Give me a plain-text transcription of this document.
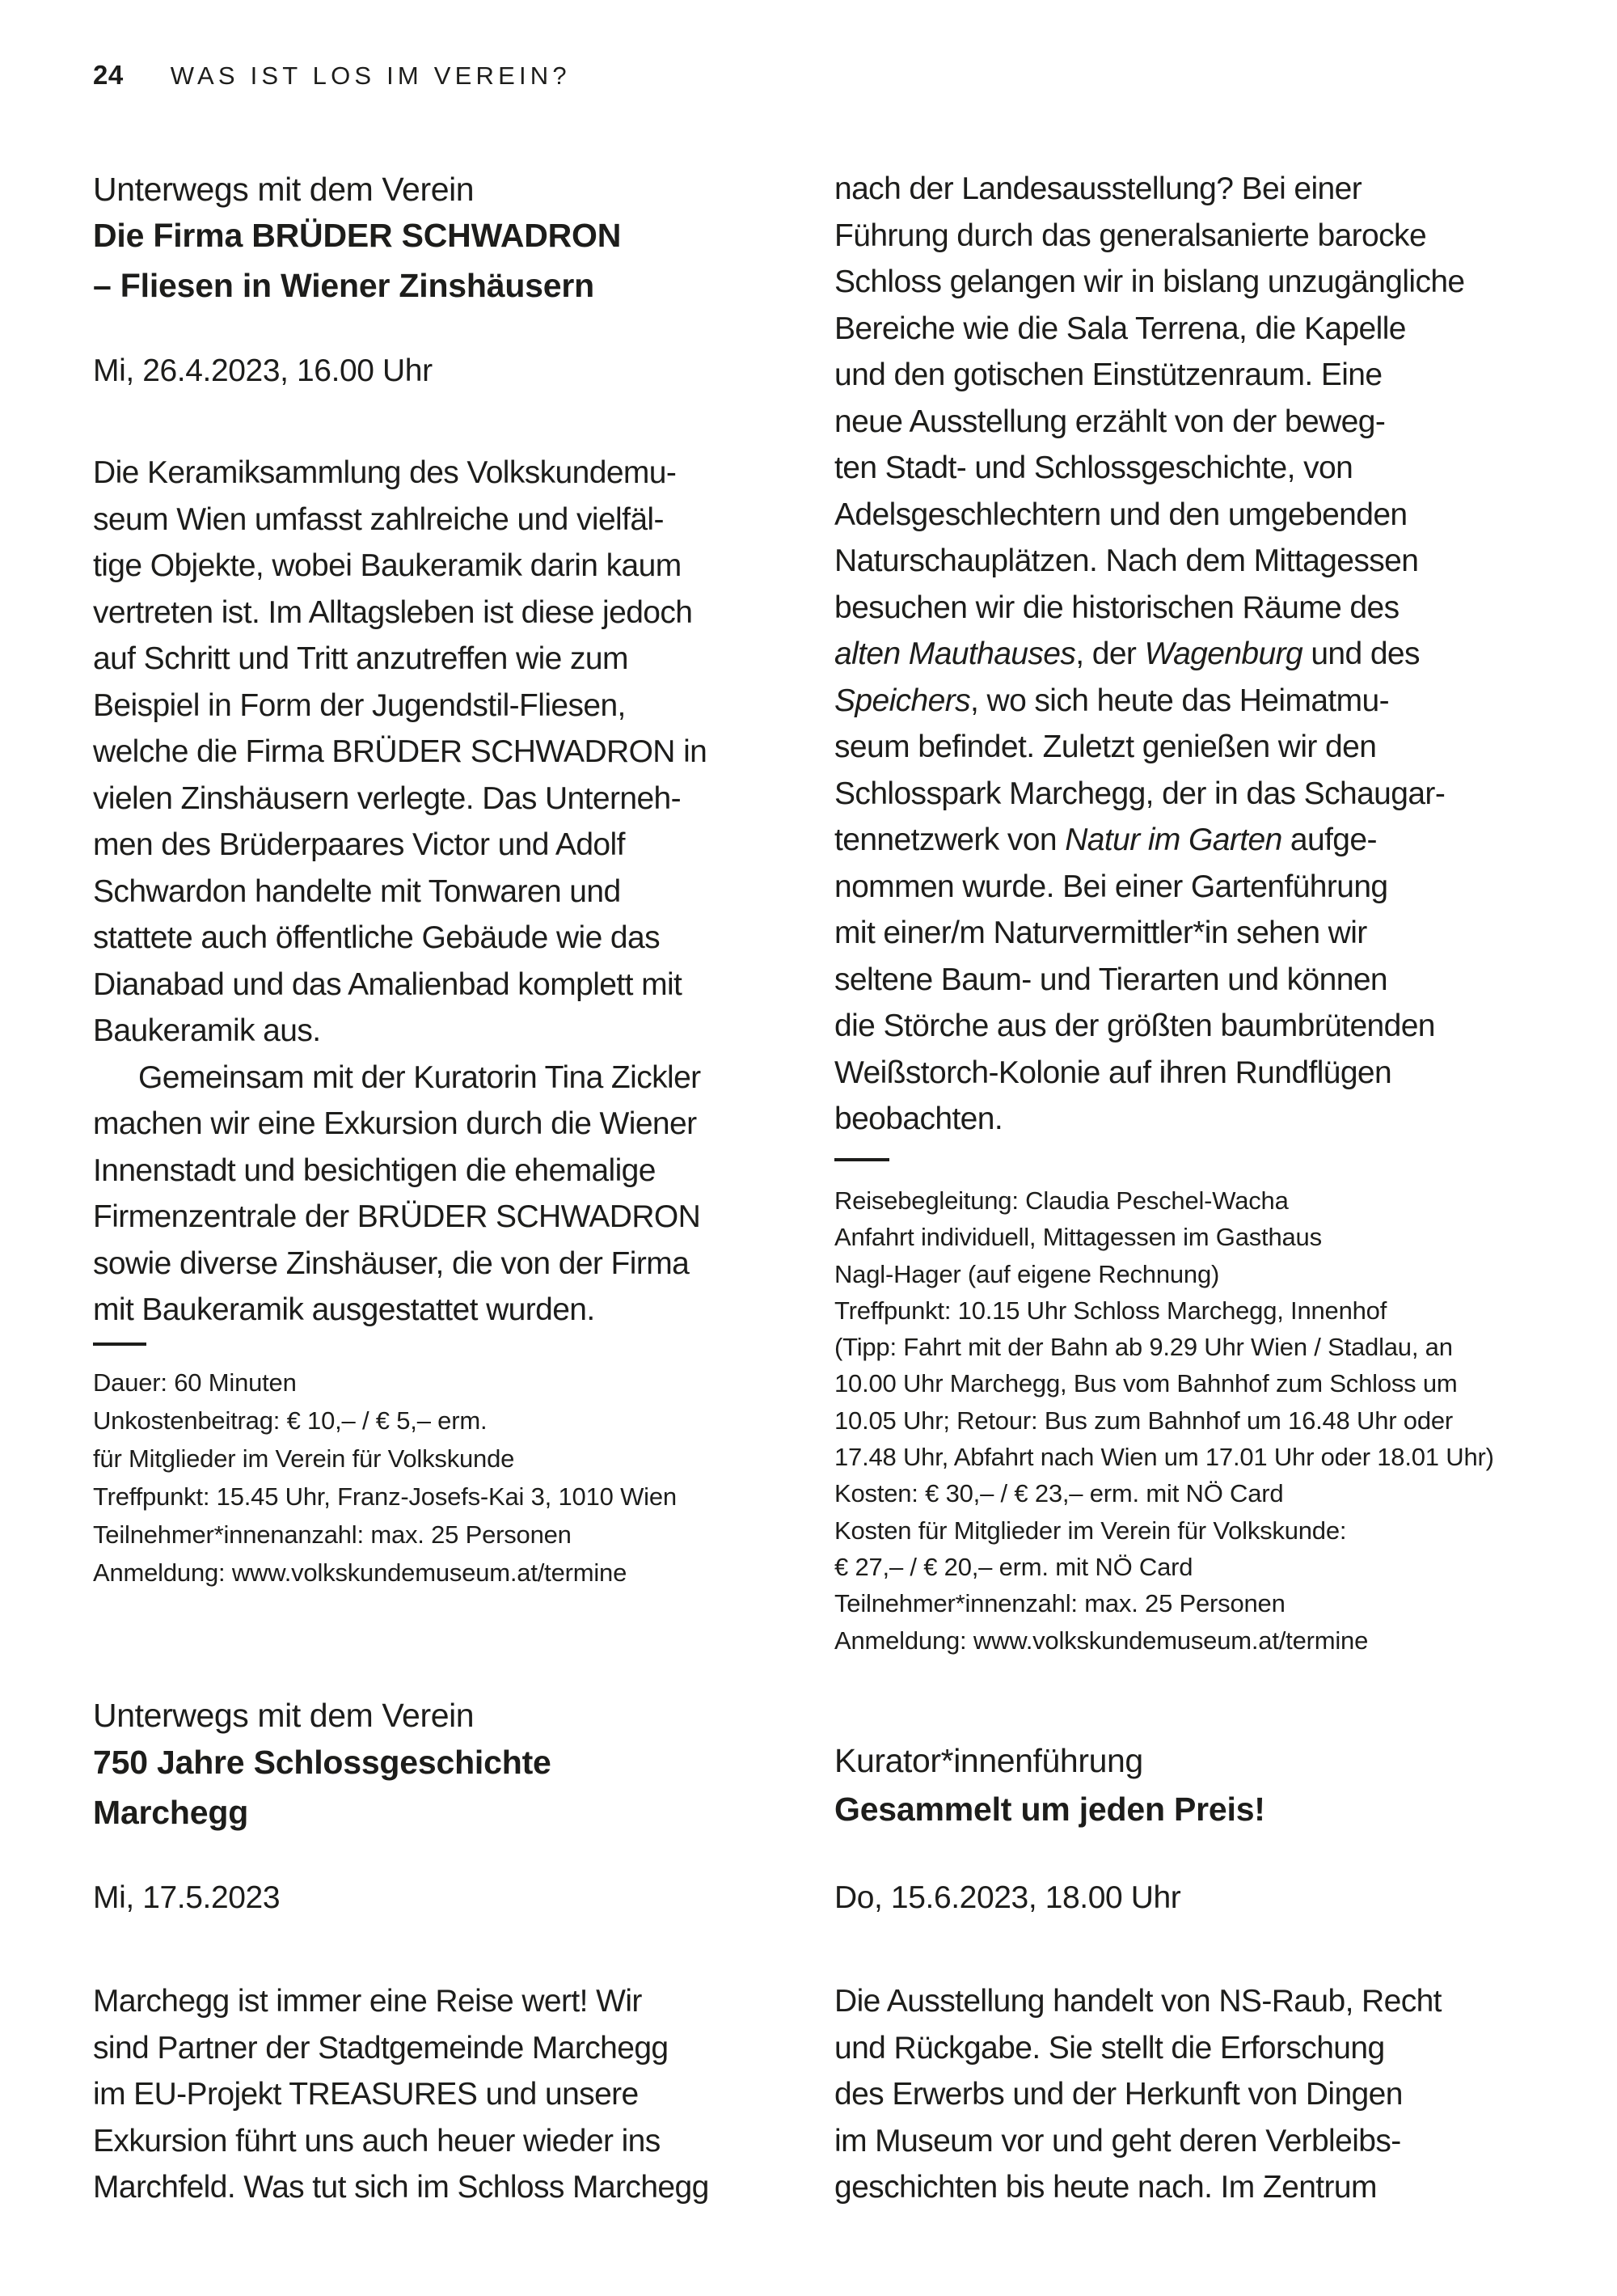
24 WAS IST LOS IM VEREIN?
Unterwegs mit dem Verein
Die Firma BRÜDER SCHWADRON
– Fliesen in Wiener Zinshäusern
Mi, 26.4.2023, 16.00 Uhr
Die Keramiksammlung des Volkskundemu-
seum Wien umfasst zahlreiche und vielfäl-
tige Objekte, wobei Baukeramik darin kaum
vertreten ist. Im Alltagsleben ist diese jedoch
auf Schritt und Tritt anzutreffen wie zum
Beispiel in Form der Jugendstil-Fliesen,
welche die Firma BRÜDER SCHWADRON in
vielen Zinshäusern verlegte. Das Unterneh-
men des Brüderpaares Victor und Adolf
Schwardon handelte mit Tonwaren und
stattete auch öffentliche Gebäude wie das
Dianabad und das Amalienbad komplett mit
Baukeramik aus.
Gemeinsam mit der Kuratorin Tina Zickler
machen wir eine Exkursion durch die Wiener
Innenstadt und besichtigen die ehemalige
Firmenzentrale der BRÜDER SCHWADRON
sowie diverse Zinshäuser, die von der Firma
mit Baukeramik ausgestattet wurden.
Dauer: 60 Minuten
Unkostenbeitrag: € 10,– / € 5,– erm.
für Mitglieder im Verein für Volkskunde
Treffpunkt: 15.45 Uhr, Franz-Josefs-Kai 3, 1010 Wien
Teilnehmer*innenanzahl: max. 25 Personen
Anmeldung: www.volkskundemuseum.at/termine
Unterwegs mit dem Verein
750 Jahre Schlossgeschichte
Marchegg
Mi, 17.5.2023
Marchegg ist immer eine Reise wert! Wir
sind Partner der Stadtgemeinde Marchegg
im EU-Projekt TREASURES und unsere
Exkursion führt uns auch heuer wieder ins
Marchfeld. Was tut sich im Schloss Marchegg
nach der Landesausstellung? Bei einer
Führung durch das generalsanierte barocke
Schloss gelangen wir in bislang unzugängliche
Bereiche wie die Sala Terrena, die Kapelle
und den gotischen Einstützenraum. Eine
neue Ausstellung erzählt von der beweg-
ten Stadt- und Schlossgeschichte, von
Adelsgeschlechtern und den umgebenden
Naturschauplätzen. Nach dem Mittagessen
besuchen wir die historischen Räume des
alten Mauthauses, der Wagenburg und des
Speichers, wo sich heute das Heimatmu-
seum befindet. Zuletzt genießen wir den
Schlosspark Marchegg, der in das Schaugar-
tennetzwerk von Natur im Garten aufge-
nommen wurde. Bei einer Gartenführung
mit einer/m Naturvermittler*in sehen wir
seltene Baum- und Tierarten und können
die Störche aus der größten baumbrütenden
Weißstorch-Kolonie auf ihren Rundflügen
beobachten.
Reisebegleitung: Claudia Peschel-Wacha
Anfahrt individuell, Mittagessen im Gasthaus
Nagl-Hager (auf eigene Rechnung)
Treffpunkt: 10.15 Uhr Schloss Marchegg, Innenhof
(Tipp: Fahrt mit der Bahn ab 9.29 Uhr Wien / Stadlau, an
10.00 Uhr Marchegg, Bus vom Bahnhof zum Schloss um
10.05 Uhr; Retour: Bus zum Bahnhof um 16.48 Uhr oder
17.48 Uhr, Abfahrt nach Wien um 17.01 Uhr oder 18.01 Uhr)
Kosten: € 30,– / € 23,– erm. mit NÖ Card
Kosten für Mitglieder im Verein für Volkskunde:
€ 27,– / € 20,– erm. mit NÖ Card
Teilnehmer*innenzahl: max. 25 Personen
Anmeldung: www.volkskundemuseum.at/termine
Kurator*innenführung
Gesammelt um jeden Preis!
Do, 15.6.2023, 18.00 Uhr
Die Ausstellung handelt von NS-Raub, Recht
und Rückgabe. Sie stellt die Erforschung
des Erwerbs und der Herkunft von Dingen
im Museum vor und geht deren Verbleibs-
geschichten bis heute nach. Im Zentrum
